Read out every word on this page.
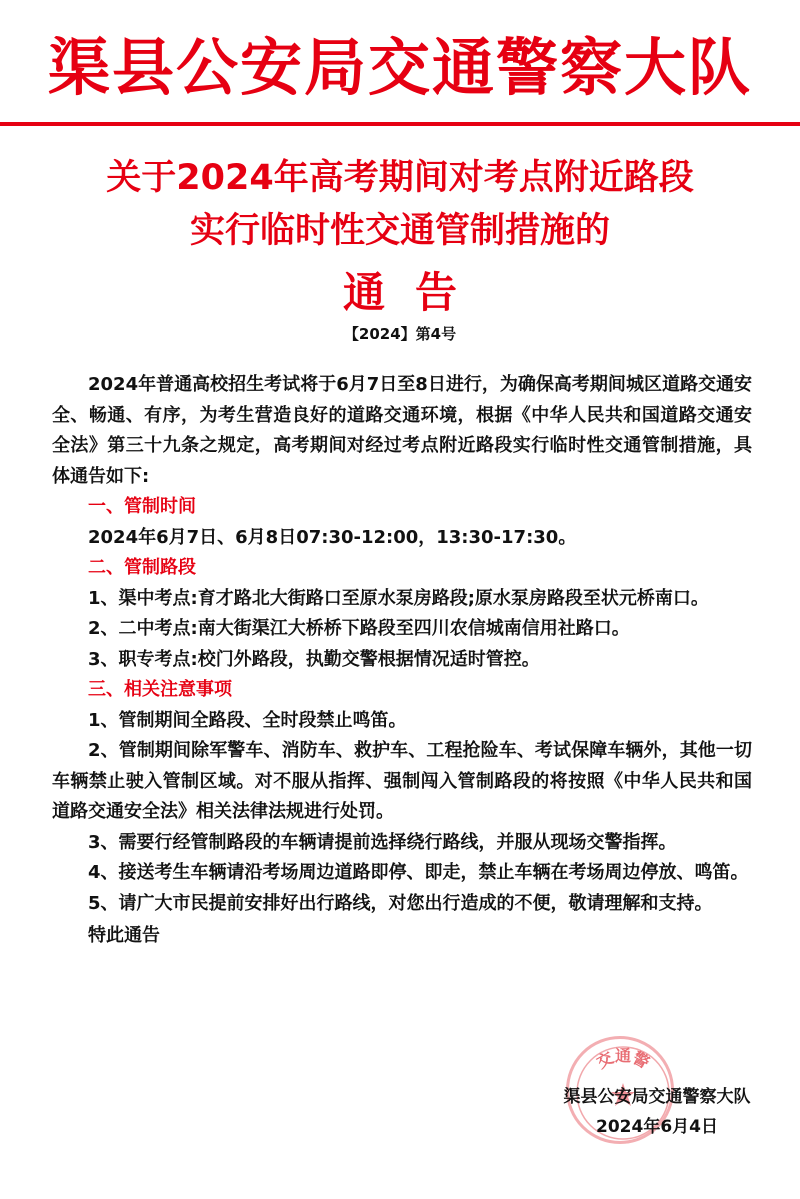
渠县公安局交通警察大队
关于2024年高考期间对考点附近路段
实行临时性交通管制措施的
通告
【2024】第4号

2024年普通高校招生考试将于6月7日至8日进行，为确保高考期间城区道路交通安全、畅通、有序，为考生营造良好的道路交通环境，根据《中华人民共和国道路交通安全法》第三十九条之规定，高考期间对经过考点附近路段实行临时性交通管制措施，具体通告如下:

一、管制时间

2024年6月7日、6月8日07:30-12:00，13:30-17:30。

二、管制路段

1、渠中考点:育才路北大街路口至原水泵房路段;原水泵房路段至状元桥南口。

2、二中考点:南大街渠江大桥桥下路段至四川农信城南信用社路口。

3、职专考点:校门外路段，执勤交警根据情况适时管控。

三、相关注意事项

1、管制期间全路段、全时段禁止鸣笛。

2、管制期间除军警车、消防车、救护车、工程抢险车、考试保障车辆外，其他一切车辆禁止驶入管制区域。对不服从指挥、强制闯入管制路段的将按照《中华人民共和国道路交通安全法》相关法律法规进行处罚。

3、需要行经管制路段的车辆请提前选择绕行路线，并服从现场交警指挥。

4、接送考生车辆请沿考场周边道路即停、即走，禁止车辆在考场周边停放、鸣笛。

5、请广大市民提前安排好出行路线，对您出行造成的不便，敬请理解和支持。

特此通告

交通警
渠县公安局交通警察大队
2024年6月4日
